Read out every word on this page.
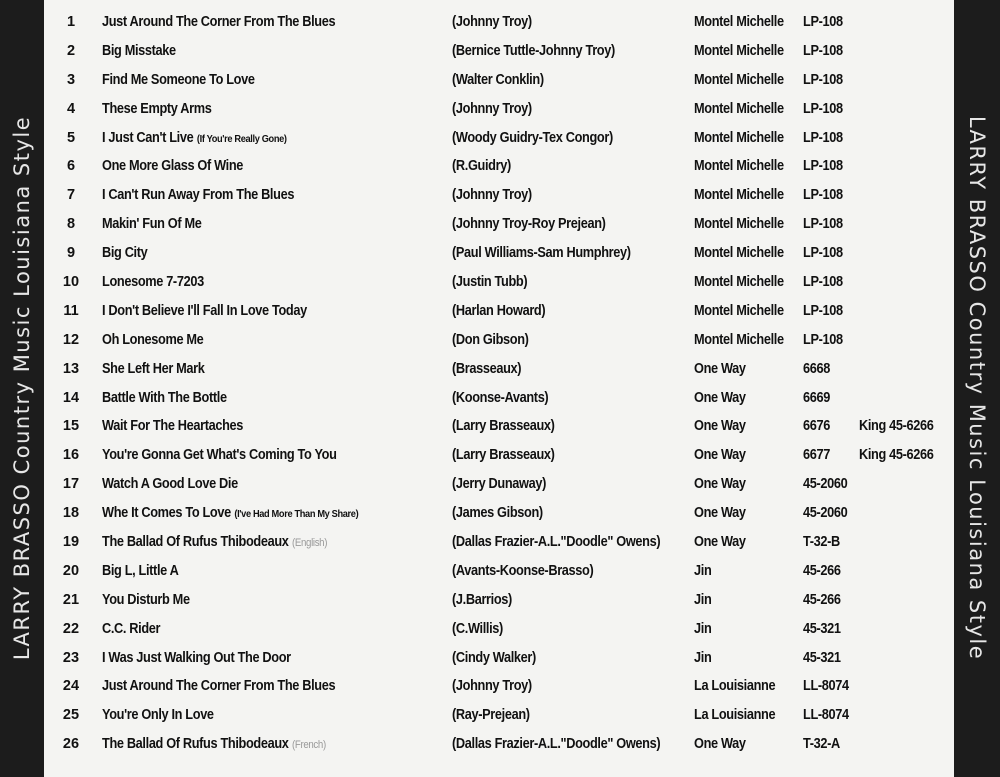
LARRY BRASSO Country Music Louisiana Style	LARRY BRASSO Country Music Louisiana Style
1	Just Around The Corner From The Blues	(Johnny Troy)	Montel Michelle LP-108
2	Big Misstake	(Bernice Tuttle-Johnny Troy)	Montel Michelle LP-108
3	Find Me Someone To Love	(Walter Conklin)	Montel Michelle LP-108
4	These Empty Arms	(Johnny Troy)	Montel Michelle LP-108
5	I Just Can't Live (If You're Really Gone)	(Woody Guidry-Tex Congor)	Montel Michelle LP-108
6	One More Glass Of Wine	(R.Guidry)	Montel Michelle LP-108
7	I Can't Run Away From The Blues	(Johnny Troy)	Montel Michelle LP-108
8	Makin' Fun Of Me	(Johnny Troy-Roy Prejean)	Montel Michelle LP-108
9	Big City	(Paul Williams-Sam Humphrey)	Montel Michelle LP-108
10	Lonesome 7-7203	(Justin Tubb)	Montel Michelle LP-108
11	I Don't Believe I'll Fall In Love Today	(Harlan Howard)	Montel Michelle LP-108
12	Oh Lonesome Me	(Don Gibson)	Montel Michelle LP-108
13	She Left Her Mark	(Brasseaux)	One Way	6668
14	Battle With The Bottle	(Koonse-Avants)	One Way	6669
15	Wait For The Heartaches	(Larry Brasseaux)	One Way	6676 King 45-6266
16	You're Gonna Get What's Coming To You	(Larry Brasseaux)	One Way	6677 King 45-6266
17	Watch A Good Love Die	(Jerry Dunaway)	One Way	45-2060
18	Whe It Comes To Love (I've Had More Than My Share)	(James Gibson)	One Way	45-2060
19	The Ballad Of Rufus Thibodeaux (English)	(Dallas Frazier-A.L."Doodle" Owens) One Way	T-32-B
20	Big L, Little A	(Avants-Koonse-Brasso)	Jin	45-266
21	You Disturb Me	(J.Barrios)	Jin	45-266
22	C.C. Rider	(C.Willis)	Jin	45-321
23	I Was Just Walking Out The Door	(Cindy Walker)	Jin	45-321
24	Just Around The Corner From The Blues	(Johnny Troy)	La Louisianne LL-8074
25	You're Only In Love	(Ray-Prejean)	La Louisianne LL-8074
26	The Ballad Of Rufus Thibodeaux (French)	(Dallas Frazier-A.L."Doodle" Owens) One Way	T-32-A
